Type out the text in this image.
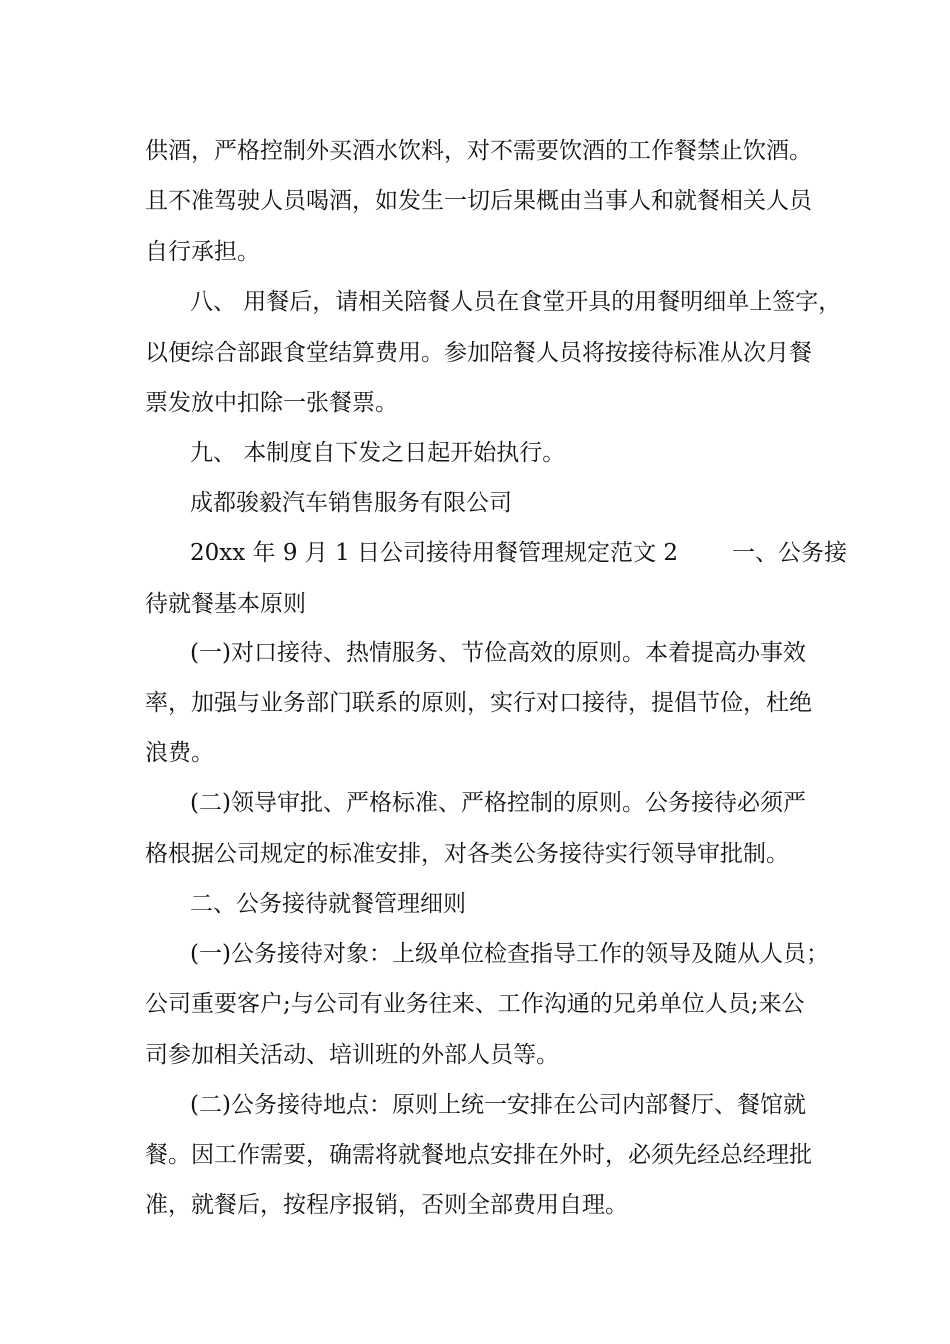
供酒，严格控制外买酒水饮料，对不需要饮酒的工作餐禁止饮酒。

且不准驾驶人员喝酒，如发生一切后果概由当事人和就餐相关人员

自行承担。

八、 用餐后，请相关陪餐人员在食堂开具的用餐明细单上签字，

以便综合部跟食堂结算费用。参加陪餐人员将按接待标准从次月餐

票发放中扣除一张餐票。

九、 本制度自下发之日起开始执行。

成都骏毅汽车销售服务有限公司

20xx 年 9 月 1 日公司接待用餐管理规定范文 2 一、公务接

待就餐基本原则

(一)对口接待、热情服务、节俭高效的原则。本着提高办事效

率，加强与业务部门联系的原则，实行对口接待，提倡节俭，杜绝

浪费。

(二)领导审批、严格标准、严格控制的原则。公务接待必须严

格根据公司规定的标准安排，对各类公务接待实行领导审批制。

二、公务接待就餐管理细则

(一)公务接待对象：上级单位检查指导工作的领导及随从人员；

公司重要客户;与公司有业务往来、工作沟通的兄弟单位人员;来公

司参加相关活动、培训班的外部人员等。

(二)公务接待地点：原则上统一安排在公司内部餐厅、餐馆就

餐。因工作需要，确需将就餐地点安排在外时，必须先经总经理批

准，就餐后，按程序报销，否则全部费用自理。
